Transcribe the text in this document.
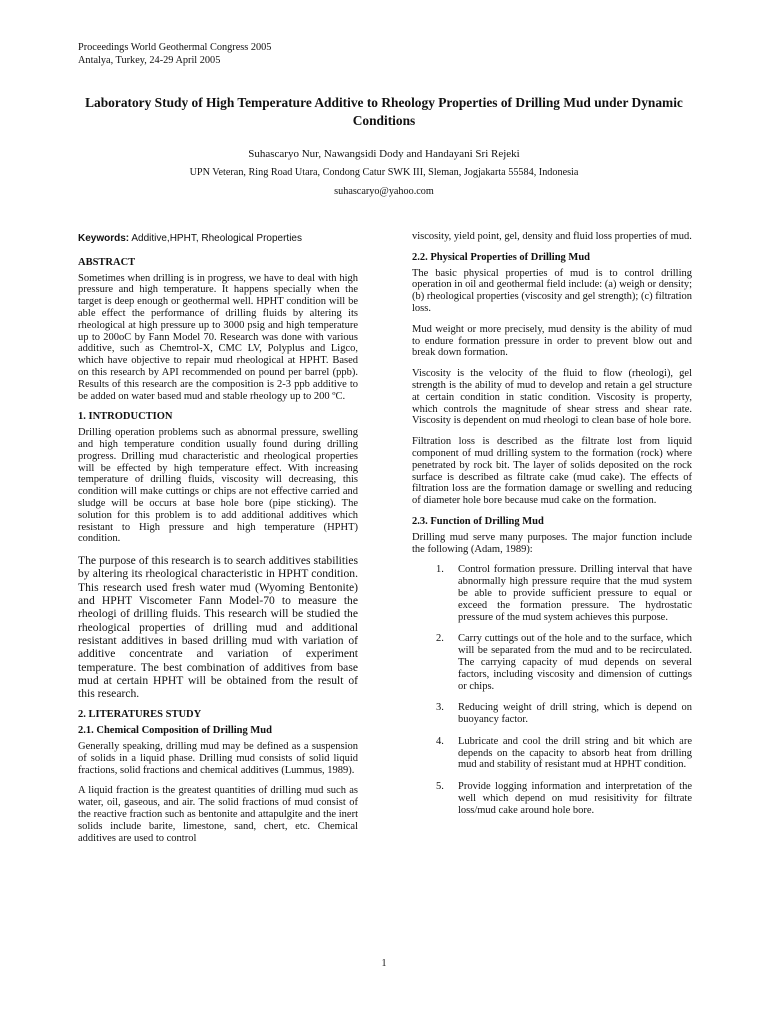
Proceedings World Geothermal Congress 2005
Antalya, Turkey, 24-29 April 2005
Laboratory Study of High Temperature Additive to Rheology Properties of Drilling Mud under Dynamic Conditions
Suhascaryo Nur, Nawangsidi Dody and Handayani Sri Rejeki
UPN Veteran, Ring Road Utara, Condong Catur SWK III, Sleman, Jogjakarta 55584, Indonesia
suhascaryo@yahoo.com

Keywords: Additive,HPHT, Rheological Properties

ABSTRACT

Sometimes when drilling is in progress, we have to deal with high pressure and high temperature. It happens specially when the target is deep enough or geothermal well. HPHT condition will be able effect the performance of drilling fluids by altering its rheological at high pressure up to 3000 psig and high temperature up to 200oC by Fann Model 70. Research was done with various additive, such as Chemtrol-X, CMC LV, Polyplus and Ligco, which have objective to repair mud rheological at HPHT. Based on this research by API recommended on pound per barrel (ppb). Results of this research are the composition is 2-3 ppb additive to be added on water based mud and stable rheology up to 200 ºC.

1. INTRODUCTION

Drilling operation problems such as abnormal pressure, swelling and high temperature condition usually found during drilling progress. Drilling mud characteristic and rheological properties will be effected by high temperature effect. With increasing temperature of drilling fluids, viscosity will decreasing, this condition will make cuttings or chips are not effective carried and sludge will be occurs at base hole bore (pipe sticking). The solution for this problem is to add additional additives which resistant to High pressure and high temperature (HPHT) condition.

The purpose of this research is to search additives stabilities by altering its rheological characteristic in HPHT condition. This research used fresh water mud (Wyoming Bentonite) and HPHT Viscometer Fann Model-70 to measure the rheologi of drilling fluids. This research will be studied the rheological properties of drilling mud and additional resistant additives in based drilling mud with variation of additive concentrate and variation of experiment temperature. The best combination of additives from base mud at certain HPHT will be obtained from the result of this research.

2. LITERATURES STUDY
2.1. Chemical Composition of Drilling Mud

Generally speaking, drilling mud may be defined as a suspension of solids in a liquid phase. Drilling mud consists of solid liquid fractions, solid fractions and chemical additives (Lummus, 1989).

A liquid fraction is the greatest quantities of drilling mud such as water, oil, gaseous, and air. The solid fractions of mud consist of the reactive fraction such as bentonite and attapulgite and the inert solids include barite, limestone, sand, chert, etc. Chemical additives are used to control

viscosity, yield point, gel, density and fluid loss properties of mud.

2.2. Physical Properties of Drilling Mud

The basic physical properties of mud is to control drilling operation in oil and geothermal field include: (a) weigh or density; (b) rheological properties (viscosity and gel strength); (c) filtration loss.

Mud weight or more precisely, mud density is the ability of mud to endure formation pressure in order to prevent blow out and break down formation.

Viscosity is the velocity of the fluid to flow (rheologi), gel strength is the ability of mud to develop and retain a gel structure at certain condition in static condition. Viscosity is property, which controls the magnitude of shear stress and shear rate. Viscosity is dependent on mud rheologi to clean base of hole bore.

Filtration loss is described as the filtrate lost from liquid component of mud drilling system to the formation (rock) where penetrated by rock bit. The layer of solids deposited on the rock surface is described as filtrate cake (mud cake). The effects of filtration loss are the formation damage or swelling and reducing of diameter hole bore because mud cake on the formation.

2.3. Function of Drilling Mud

Drilling mud serve many purposes. The major function include the following (Adam, 1989):

1. Control formation pressure. Drilling interval that have abnormally high pressure require that the mud system be able to provide sufficient pressure to equal or exceed the formation pressure. The hydrostatic pressure of the mud system achieves this purpose.
2. Carry cuttings out of the hole and to the surface, which will be separated from the mud and to be recirculated. The carrying capacity of mud depends on several factors, including viscosity and dimension of cuttings or chips.
3. Reducing weight of drill string, which is depend on buoyancy factor.
4. Lubricate and cool the drill string and bit which are depends on the capacity to absorb heat from drilling mud and stability of resistant mud at HPHT condition.
5. Provide logging information and interpretation of the well which depend on mud resisitivity for filtrate loss/mud cake around hole bore.
1
